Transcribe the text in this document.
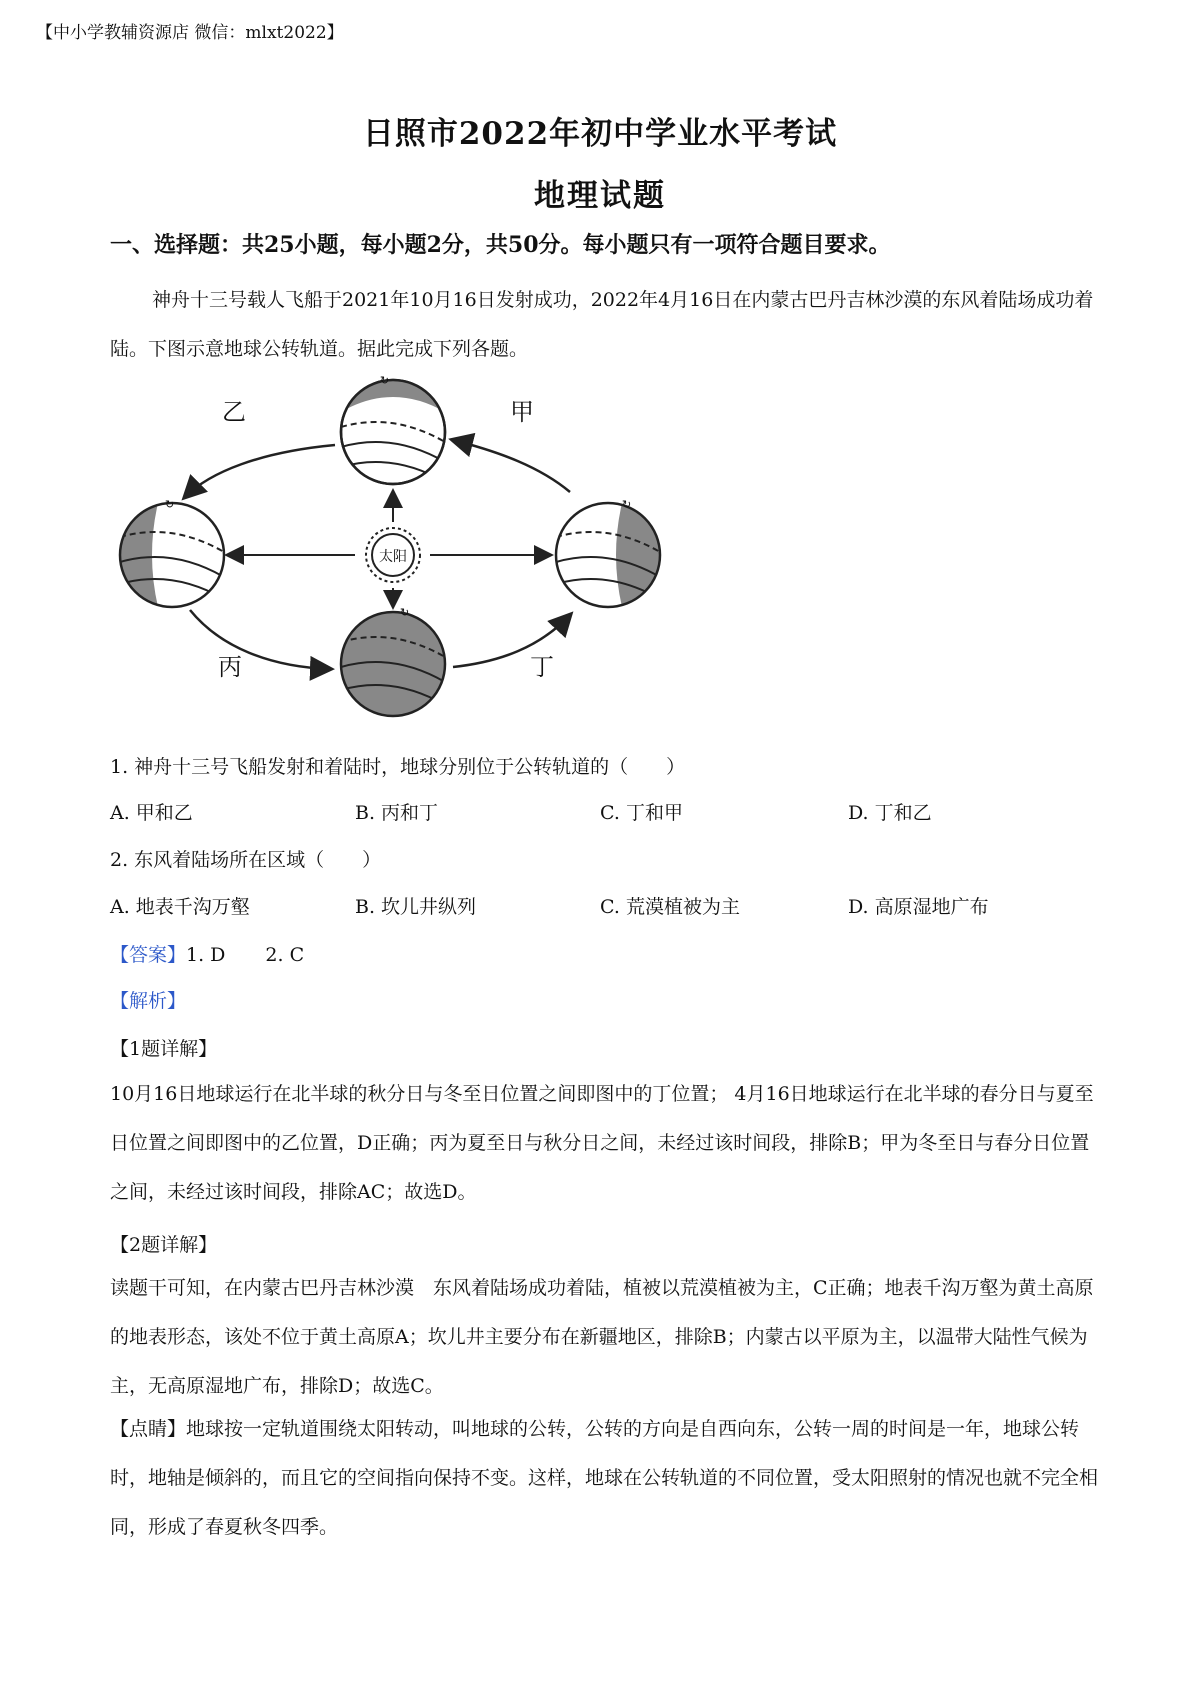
【中小学教辅资源店 微信：mlxt2022】
日照市2022年初中学业水平考试
地理试题
一、选择题：共25小题，每小题2分，共50分。每小题只有一项符合题目要求。
神舟十三号载人飞船于2021年10月16日发射成功，2022年4月16日在内蒙古巴丹吉林沙漠的东风着陆场成功着陆。下图示意地球公转轨道。据此完成下列各题。
太阳
↻
↻	↻
↻
甲
乙
丙	丁
1. 神舟十三号飞船发射和着陆时，地球分别位于公转轨道的（　　）
A. 甲和乙	B. 丙和丁	C. 丁和甲	D. 丁和乙
2. 东风着陆场所在区域（　　）
A. 地表千沟万壑	B. 坎儿井纵列	C. 荒漠植被为主	D. 高原湿地广布
【答案】1. D 2. C
【解析】
【1题详解】
10月16日地球运行在北半球的秋分日与冬至日位置之间即图中的丁位置； 4月16日地球运行在北半球的春分日与夏至日位置之间即图中的乙位置，D正确；丙为夏至日与秋分日之间，未经过该时间段，排除B；甲为冬至日与春分日位置之间，未经过该时间段，排除AC；故选D。
【2题详解】
读题干可知，在内蒙古巴丹吉林沙漠　东风着陆场成功着陆，植被以荒漠植被为主，C正确；地表千沟万壑为黄土高原的地表形态，该处不位于黄土高原A；坎儿井主要分布在新疆地区，排除B；内蒙古以平原为主，以温带大陆性气候为主，无高原湿地广布，排除D；故选C。
【点睛】地球按一定轨道围绕太阳转动，叫地球的公转，公转的方向是自西向东，公转一周的时间是一年，地球公转时，地轴是倾斜的，而且它的空间指向保持不变。这样，地球在公转轨道的不同位置，受太阳照射的情况也就不完全相同，形成了春夏秋冬四季。
